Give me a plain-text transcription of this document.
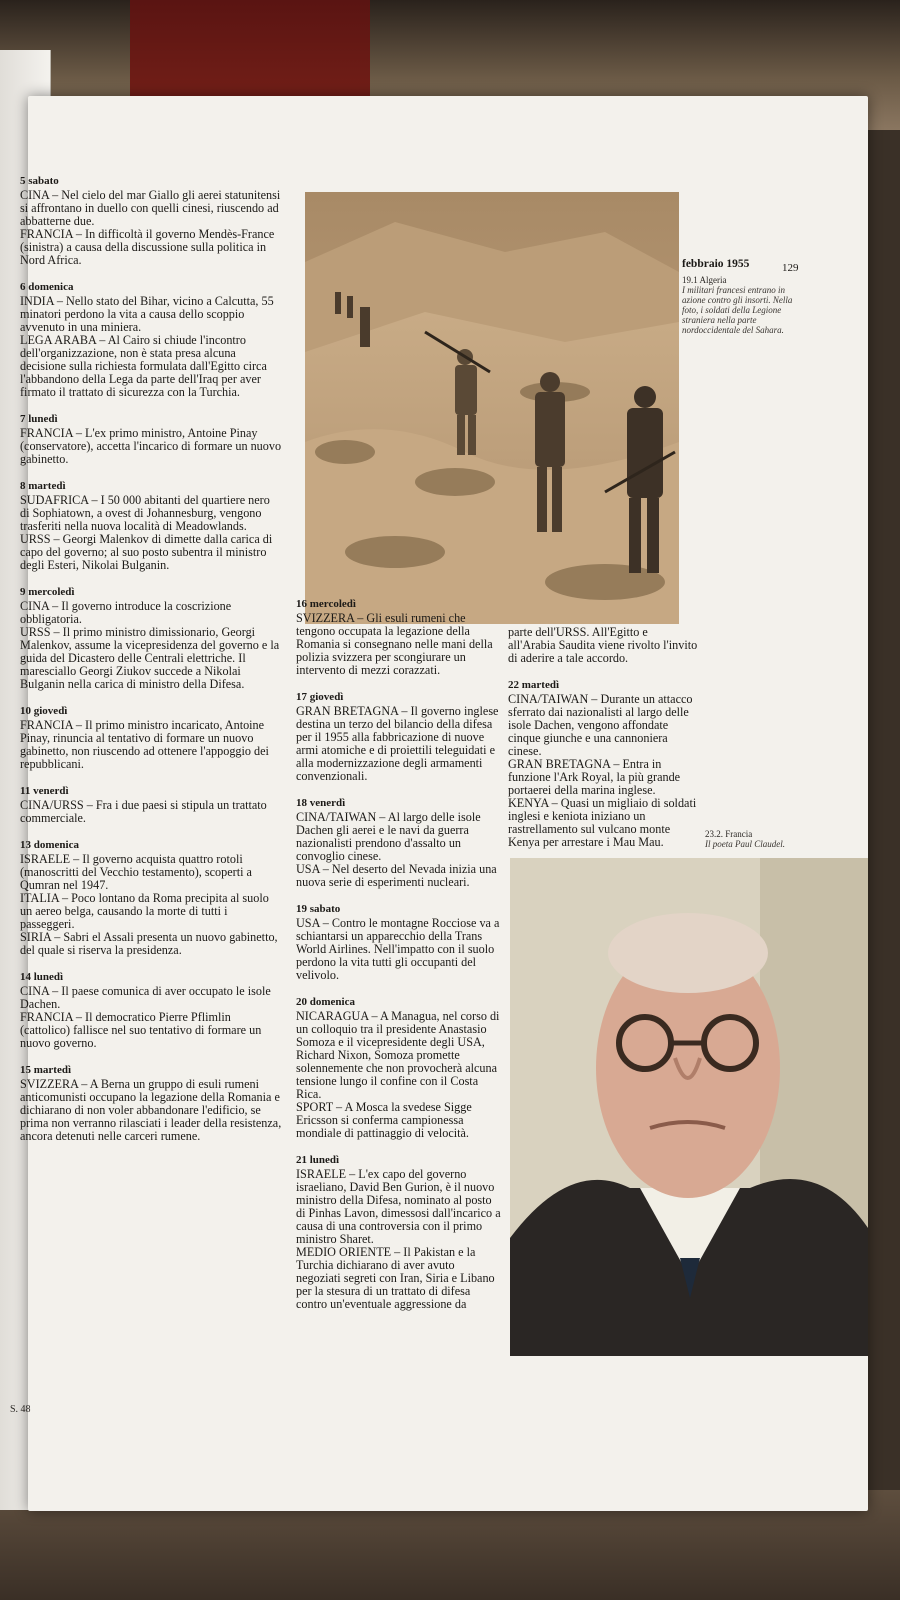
febbraio 1955	129
19.1 Algeria
I militari francesi entrano in azione contro gli insorti. Nella foto, i soldati della Legione straniera nella parte nordoccidentale del Sahara.
23.2. Francia
Il poeta Paul Claudel.
5 sabato

CINA – Nel cielo del mar Giallo gli aerei statunitensi si affrontano in duello con quelli cinesi, riuscendo ad abbatterne due.
FRANCIA – In difficoltà il governo Mendès-France (sinistra) a causa della discussione sulla politica in Nord Africa.

6 domenica

INDIA – Nello stato del Bihar, vicino a Calcutta, 55 minatori perdono la vita a causa dello scoppio avvenuto in una miniera.
LEGA ARABA – Al Cairo si chiude l'incontro dell'organizzazione, non è stata presa alcuna decisione sulla richiesta formulata dall'Egitto circa l'abbandono della Lega da parte dell'Iraq per aver firmato il trattato di sicurezza con la Turchia.

7 lunedì

FRANCIA – L'ex primo ministro, Antoine Pinay (conservatore), accetta l'incarico di formare un nuovo gabinetto.

8 martedì

SUDAFRICA – I 50 000 abitanti del quartiere nero di Sophiatown, a ovest di Johannesburg, vengono trasferiti nella nuova località di Meadowlands.
URSS – Georgi Malenkov di dimette dalla carica di capo del governo; al suo posto subentra il ministro degli Esteri, Nikolai Bulganin.

9 mercoledì

CINA – Il governo introduce la coscrizione obbligatoria.
URSS – Il primo ministro dimissionario, Georgi Malenkov, assume la vicepresidenza del governo e la guida del Dicastero delle Centrali elettriche. Il maresciallo Georgi Ziukov succede a Nikolai Bulganin nella carica di ministro della Difesa.

10 giovedì

FRANCIA – Il primo ministro incaricato, Antoine Pinay, rinuncia al tentativo di formare un nuovo gabinetto, non riuscendo ad ottenere l'appoggio dei repubblicani.

11 venerdì

CINA/URSS – Fra i due paesi si stipula un trattato commerciale.

13 domenica

ISRAELE – Il governo acquista quattro rotoli (manoscritti del Vecchio testamento), scoperti a Qumran nel 1947.
ITALIA – Poco lontano da Roma precipita al suolo un aereo belga, causando la morte di tutti i passeggeri.
SIRIA – Sabri el Assali presenta un nuovo gabinetto, del quale si riserva la presidenza.

14 lunedì

CINA – Il paese comunica di aver occupato le isole Dachen.
FRANCIA – Il democratico Pierre Pflimlin (cattolico) fallisce nel suo tentativo di formare un nuovo governo.

15 martedì

SVIZZERA – A Berna un gruppo di esuli rumeni anticomunisti occupano la legazione della Romania e dichiarano di non voler abbandonare l'edificio, se prima non verranno rilasciati i leader della resistenza, ancora detenuti nelle carceri rumene.

16 mercoledì

SVIZZERA – Gli esuli rumeni che tengono occupata la legazione della Romania si consegnano nelle mani della polizia svizzera per scongiurare un intervento di mezzi corazzati.

17 giovedì

GRAN BRETAGNA – Il governo inglese destina un terzo del bilancio della difesa per il 1955 alla fabbricazione di nuove armi atomiche e di proiettili teleguidati e alla modernizzazione degli armamenti convenzionali.

18 venerdì

CINA/TAIWAN – Al largo delle isole Dachen gli aerei e le navi da guerra nazionalisti prendono d'assalto un convoglio cinese.
USA – Nel deserto del Nevada inizia una nuova serie di esperimenti nucleari.

19 sabato

USA – Contro le montagne Rocciose va a schiantarsi un apparecchio della Trans World Airlines. Nell'impatto con il suolo perdono la vita tutti gli occupanti del velivolo.

20 domenica

NICARAGUA – A Managua, nel corso di un colloquio tra il presidente Anastasio Somoza e il vicepresidente degli USA, Richard Nixon, Somoza promette solennemente che non provocherà alcuna tensione lungo il confine con il Costa Rica.
SPORT – A Mosca la svedese Sigge Ericsson si conferma campionessa mondiale di pattinaggio di velocità.

21 lunedì

ISRAELE – L'ex capo del governo israeliano, David Ben Gurion, è il nuovo ministro della Difesa, nominato al posto di Pinhas Lavon, dimessosi dall'incarico a causa di una controversia con il primo ministro Sharet.
MEDIO ORIENTE – Il Pakistan e la Turchia dichiarano di aver avuto negoziati segreti con Iran, Siria e Libano per la stesura di un trattato di difesa contro un'eventuale aggressione da

parte dell'URSS. All'Egitto e all'Arabia Saudita viene rivolto l'invito di aderire a tale accordo.

22 martedì

CINA/TAIWAN – Durante un attacco sferrato dai nazionalisti al largo delle isole Dachen, vengono affondate cinque giunche e una cannoniera cinese.
GRAN BRETAGNA – Entra in funzione l'Ark Royal, la più grande portaerei della marina inglese.
KENYA – Quasi un migliaio di soldati inglesi e keniota iniziano un rastrellamento sul vulcano monte Kenya per arrestare i Mau Mau.

S. 48
